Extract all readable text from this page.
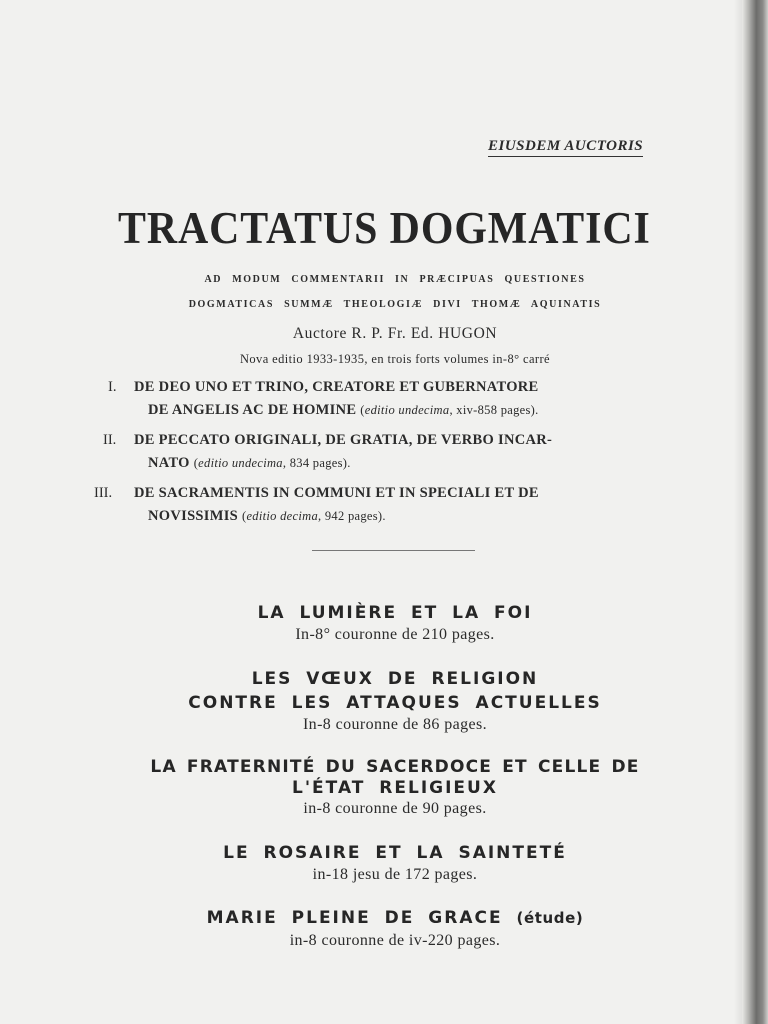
EIUSDEM AUCTORIS
TRACTATUS DOGMATICI
AD MODUM COMMENTARII IN PRÆCIPUAS QUESTIONES
DOGMATICAS SUMMÆ THEOLOGIÆ DIVI THOMÆ AQUINATIS
Auctore R. P. Fr. Ed. HUGON
Nova editio 1933-1935, en trois forts volumes in-8° carré
I. DE DEO UNO ET TRINO, CREATORE ET GUBERNATORE
DE ANGELIS AC DE HOMINE (editio undecima, xiv-858 pages).
II. DE PECCATO ORIGINALI, DE GRATIA, DE VERBO INCAR-
NATO (editio undecima, 834 pages).
III. DE SACRAMENTIS IN COMMUNI ET IN SPECIALI ET DE
NOVISSIMIS (editio decima, 942 pages).
LA LUMIÈRE ET LA FOI
In-8° couronne de 210 pages.
LES VŒUX DE RELIGION
CONTRE LES ATTAQUES ACTUELLES
In-8 couronne de 86 pages.
LA FRATERNITÉ DU SACERDOCE ET CELLE DE
L'ÉTAT RELIGIEUX
in-8 couronne de 90 pages.
LE ROSAIRE ET LA SAINTETÉ
in-18 jesu de 172 pages.
MARIE PLEINE DE GRACE (étude)
in-8 couronne de iv-220 pages.
